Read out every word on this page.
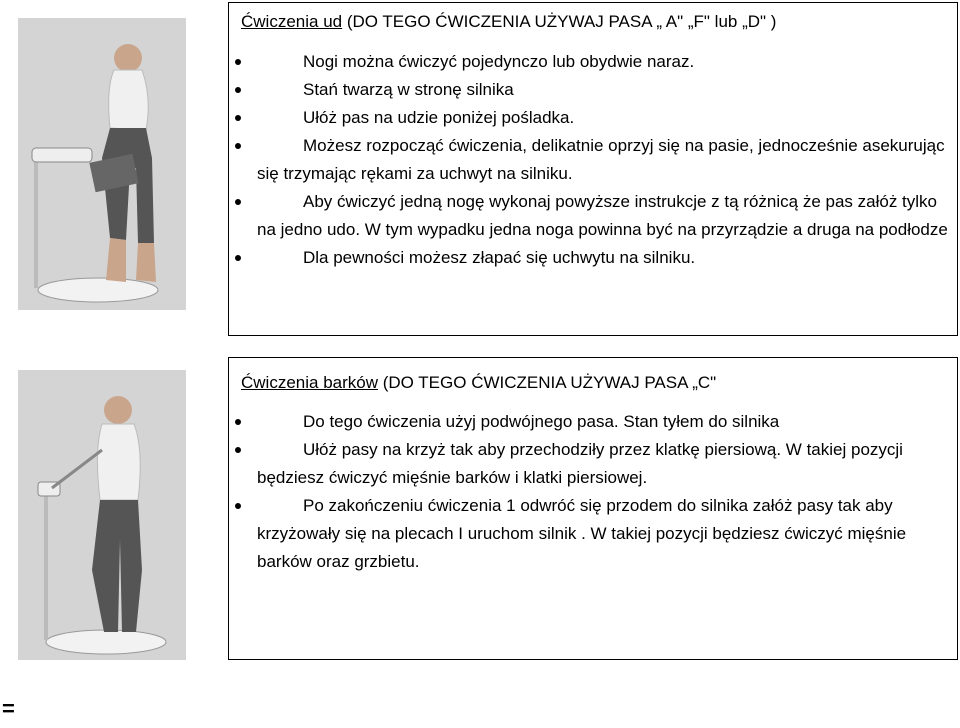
Ćwiczenia ud (DO TEGO ĆWICZENIA UŻYWAJ PASA „ A" „F" lub „D" )
Nogi można ćwiczyć pojedynczo lub obydwie naraz.
Stań twarzą w stronę silnika
Ułóż pas na udzie poniżej pośladka.
Możesz rozpocząć ćwiczenia, delikatnie oprzyj się na pasie, jednocześnie asekurując się trzymając rękami za uchwyt na silniku.
Aby ćwiczyć jedną nogę wykonaj powyższe instrukcje z tą różnicą że pas załóż tylko na jedno udo. W tym wypadku jedna noga powinna być na przyrządzie a druga na podłodze
Dla pewności możesz złapać się uchwytu na silniku.
Ćwiczenia barków (DO TEGO ĆWICZENIA UŻYWAJ PASA „C"
Do tego ćwiczenia użyj podwójnego pasa. Stan tyłem do silnika
Ułóż pasy na krzyż tak aby przechodziły przez klatkę piersiową. W takiej pozycji będziesz ćwiczyć mięśnie barków i klatki piersiowej.
Po zakończeniu ćwiczenia 1 odwróć się przodem do silnika załóż pasy tak aby krzyżowały się na plecach I uruchom silnik . W takiej pozycji będziesz ćwiczyć mięśnie barków oraz grzbietu.
=
